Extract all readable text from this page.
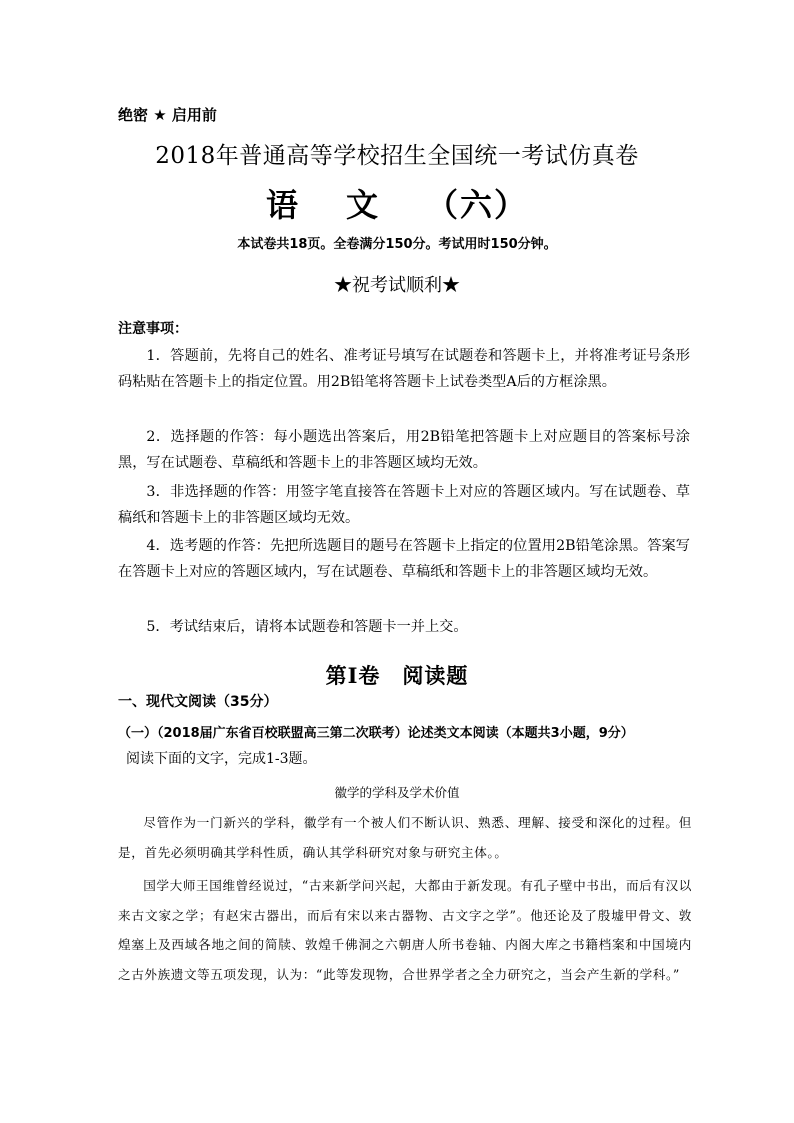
绝密 ★ 启用前
2018年普通高等学校招生全国统一考试仿真卷
语 文 （六）
本试卷共18页。全卷满分150分。考试用时150分钟。
★祝考试顺利★
注意事项：
1．答题前，先将自己的姓名、准考证号填写在试题卷和答题卡上，并将准考证号条形码粘贴在答题卡上的指定位置。用2B铅笔将答题卡上试卷类型A后的方框涂黑。
2．选择题的作答：每小题选出答案后，用2B铅笔把答题卡上对应题目的答案标号涂黑，写在试题卷、草稿纸和答题卡上的非答题区域均无效。
3．非选择题的作答：用签字笔直接答在答题卡上对应的答题区域内。写在试题卷、草稿纸和答题卡上的非答题区域均无效。
4．选考题的作答：先把所选题目的题号在答题卡上指定的位置用2B铅笔涂黑。答案写在答题卡上对应的答题区域内，写在试题卷、草稿纸和答题卡上的非答题区域均无效。
5．考试结束后，请将本试题卷和答题卡一并上交。
第Ⅰ卷 阅读题
一、现代文阅读（35分）
（一）（2018届广东省百校联盟高三第二次联考）论述类文本阅读（本题共3小题，9分）
阅读下面的文字，完成1-3题。
徽学的学科及学术价值
尽管作为一门新兴的学科，徽学有一个被人们不断认识、熟悉、理解、接受和深化的过程。但是，首先必须明确其学科性质，确认其学科研究对象与研究主体。。
国学大师王国维曾经说过，“古来新学问兴起，大都由于新发现。有孔子壁中书出，而后有汉以来古文家之学；有赵宋古器出，而后有宋以来古器物、古文字之学”。他还论及了殷墟甲骨文、敦煌塞上及西域各地之间的简牍、敦煌千佛洞之六朝唐人所书卷轴、内阁大库之书籍档案和中国境内之古外族遗文等五项发现，认为：“此等发现物，合世界学者之全力研究之，当会产生新的学科。”
